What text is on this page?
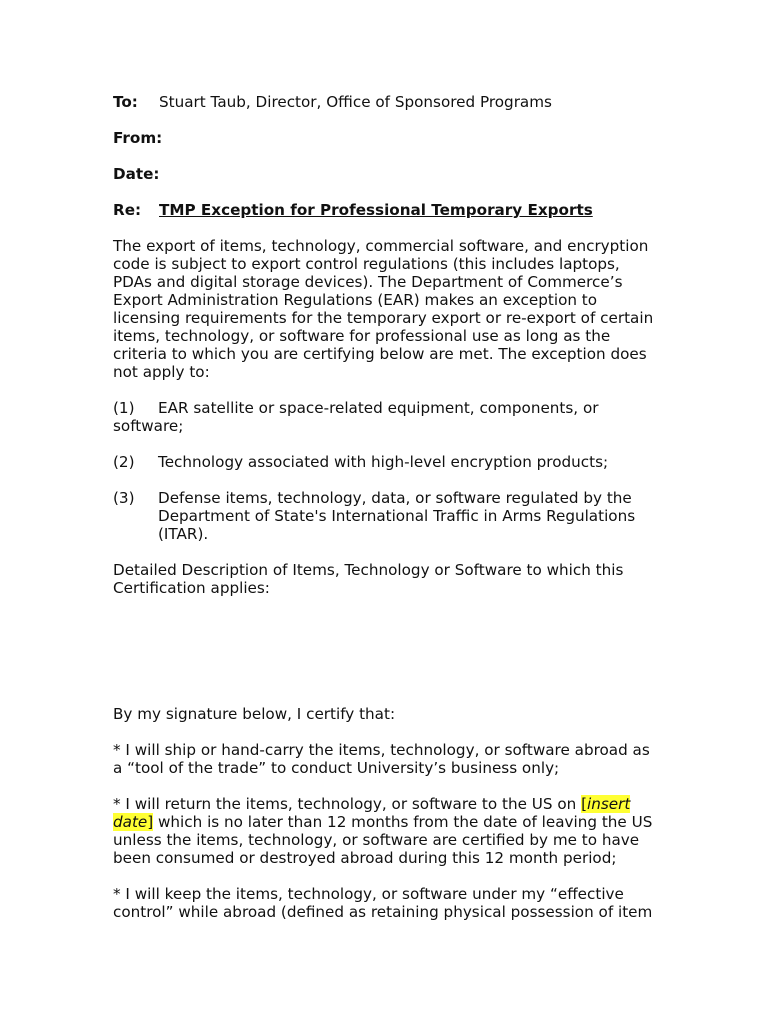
To:	Stuart Taub, Director, Office of Sponsored Programs
From:
Date:
Re:	TMP Exception for Professional Temporary Exports

The export of items, technology, commercial software, and encryption code is subject to export control regulations (this includes laptops, PDAs and digital storage devices). The Department of Commerce’s Export Administration Regulations (EAR) makes an exception to licensing requirements for the temporary export or re-export of certain items, technology, or software for professional use as long as the criteria to which you are certifying below are met. The exception does not apply to:

(1) EAR satellite or space-related equipment, components, or software;

(2)	Technology associated with high-level encryption products;
(3)	Defense items, technology, data, or software regulated by the Department of State's International Traffic in Arms Regulations (ITAR).

Detailed Description of Items, Technology or Software to which this Certification applies:

By my signature below, I certify that:

* I will ship or hand-carry the items, technology, or software abroad as a “tool of the trade” to conduct University’s business only;

* I will return the items, technology, or software to the US on [insert date] which is no later than 12 months from the date of leaving the US unless the items, technology, or software are certified by me to have been consumed or destroyed abroad during this 12 month period;

* I will keep the items, technology, or software under my “effective control” while abroad (defined as retaining physical possession of item
